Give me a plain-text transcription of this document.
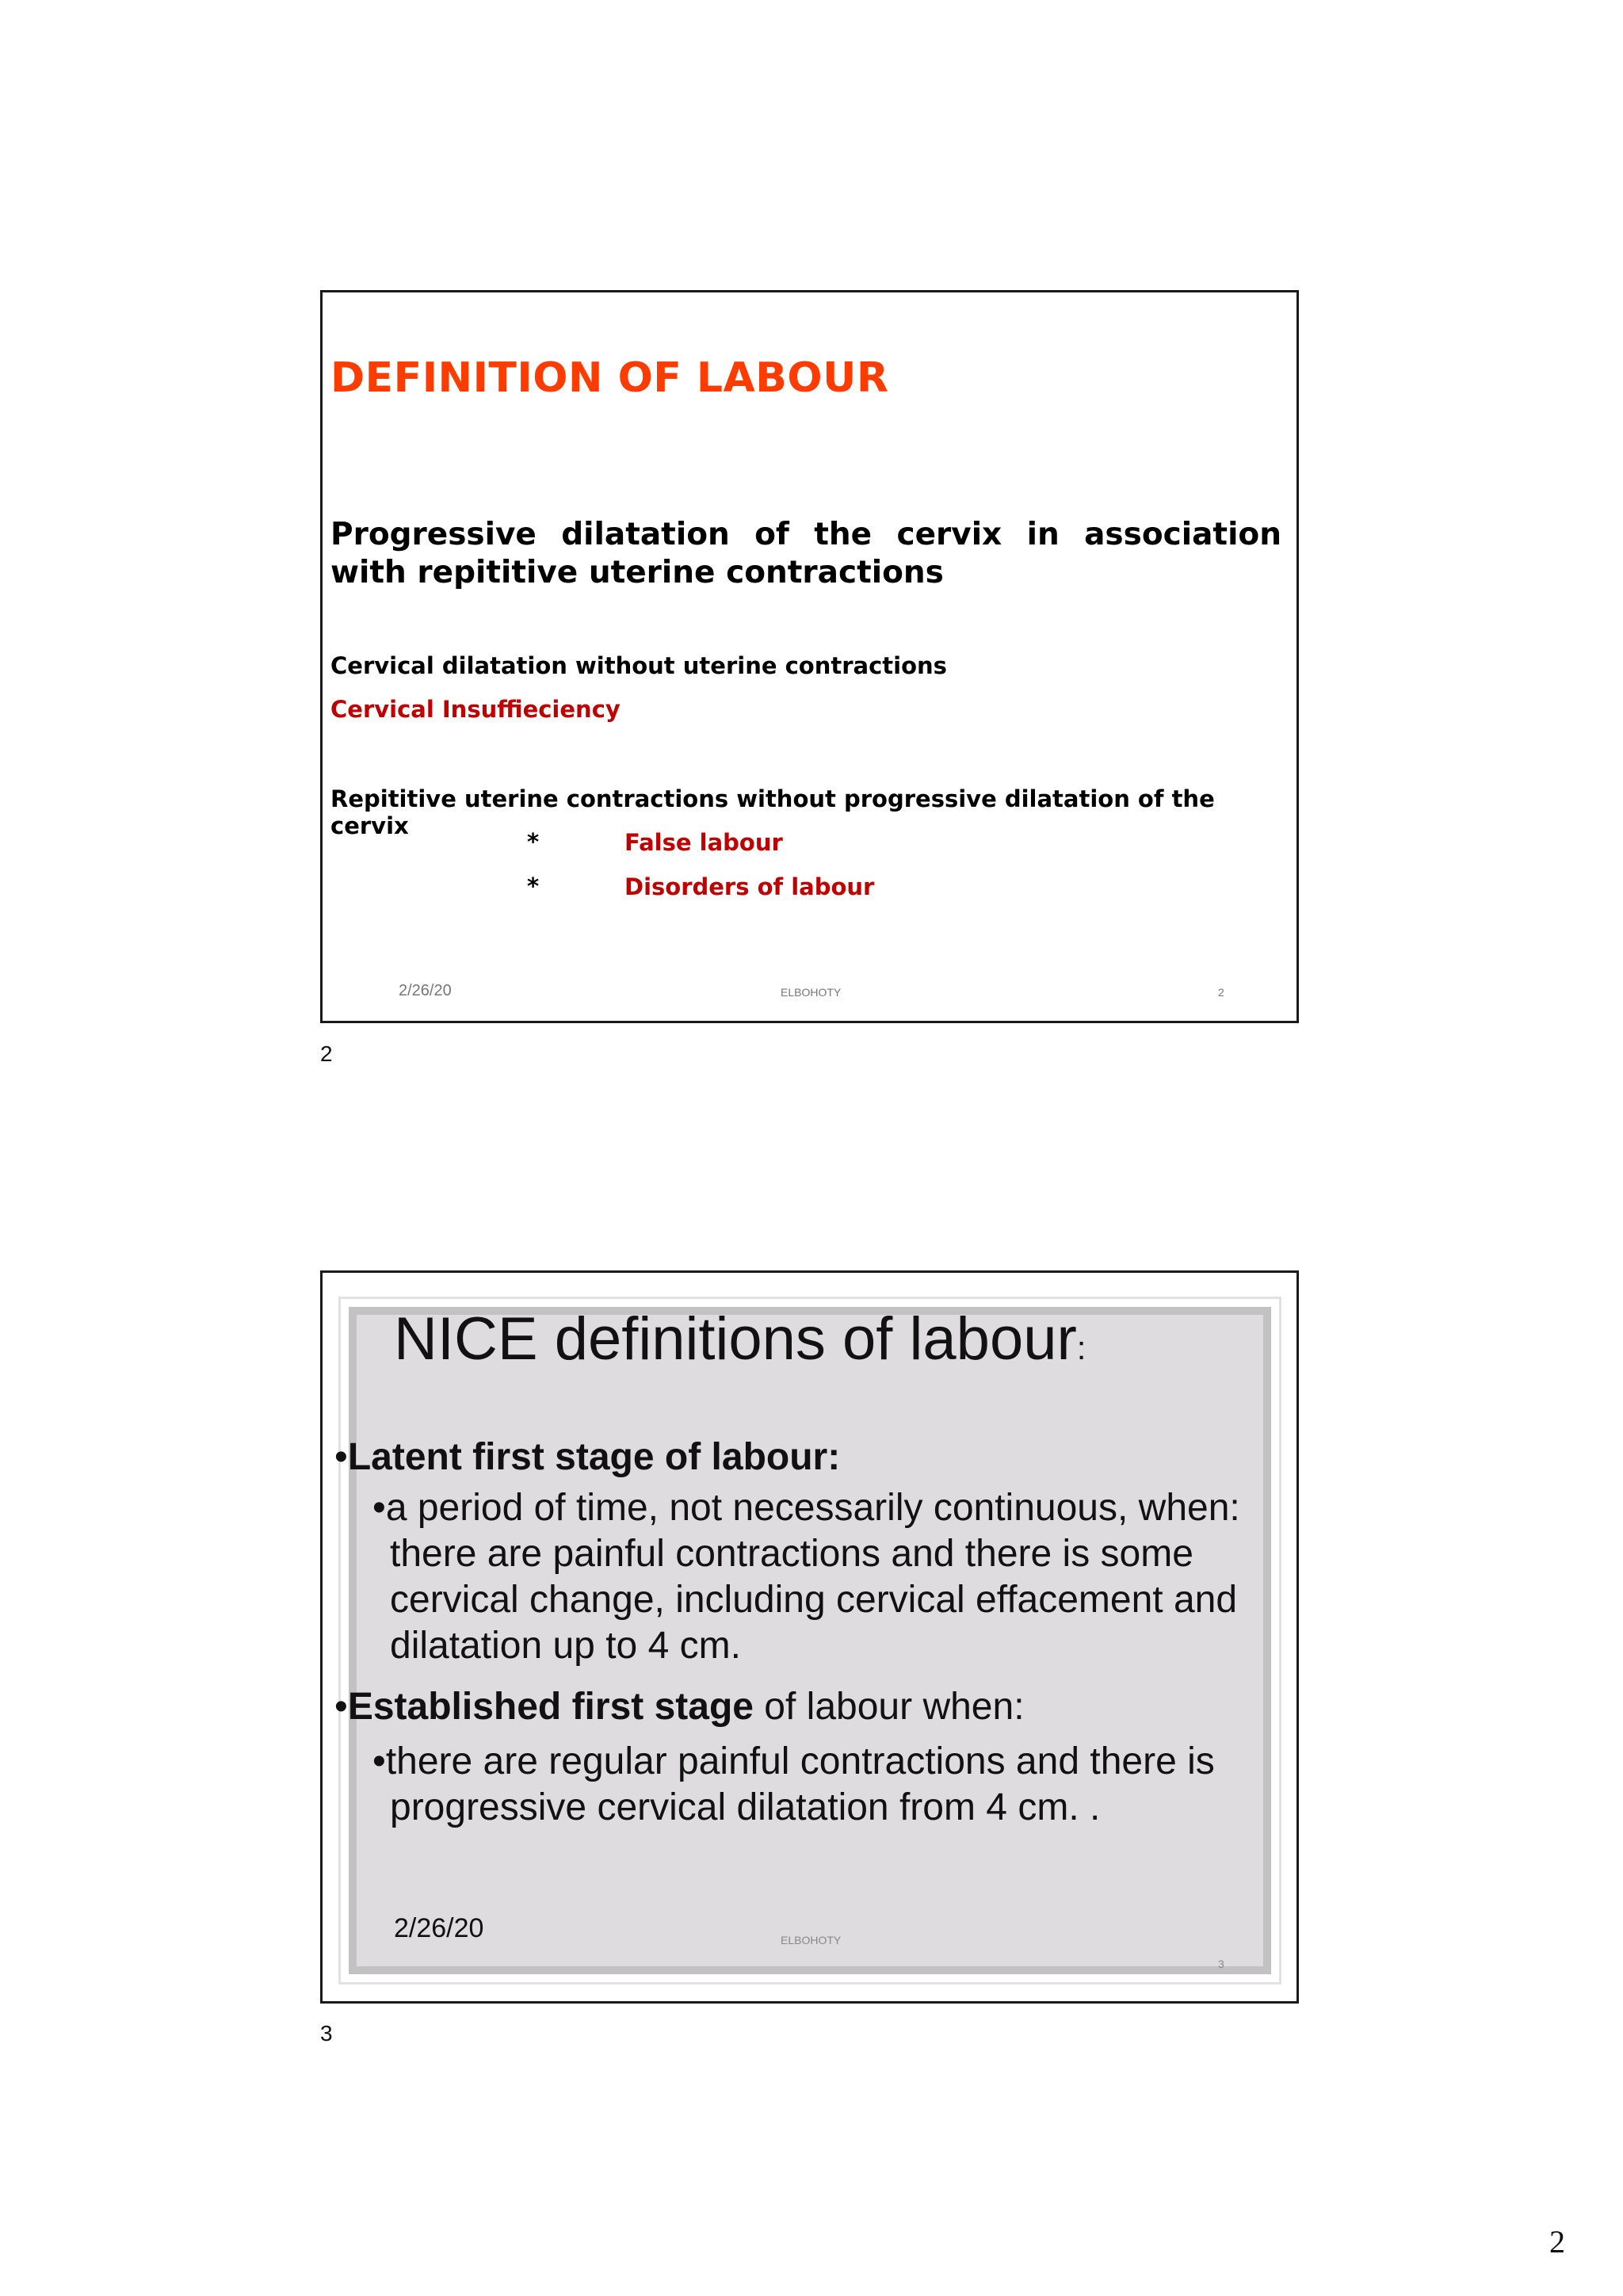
DEFINITION OF LABOUR
Progressive dilatation of the cervix in association with repititive uterine contractions
Cervical dilatation without uterine contractions
Cervical Insuffieciency
Repititive uterine contractions without progressive dilatation of the cervix
*	False labour
*	Disorders of labour
2/26/20	ELBOHOTY	2
2
NICE definitions of labour:
•Latent first stage of labour:
•a period of time, not necessarily continuous, when: there are painful contractions and there is some cervical change, including cervical effacement and dilatation up to 4 cm.
•Established first stage of labour when:
•there are regular painful contractions and there is progressive cervical dilatation from 4 cm. .
2/26/20	ELBOHOTY
3
3
2
